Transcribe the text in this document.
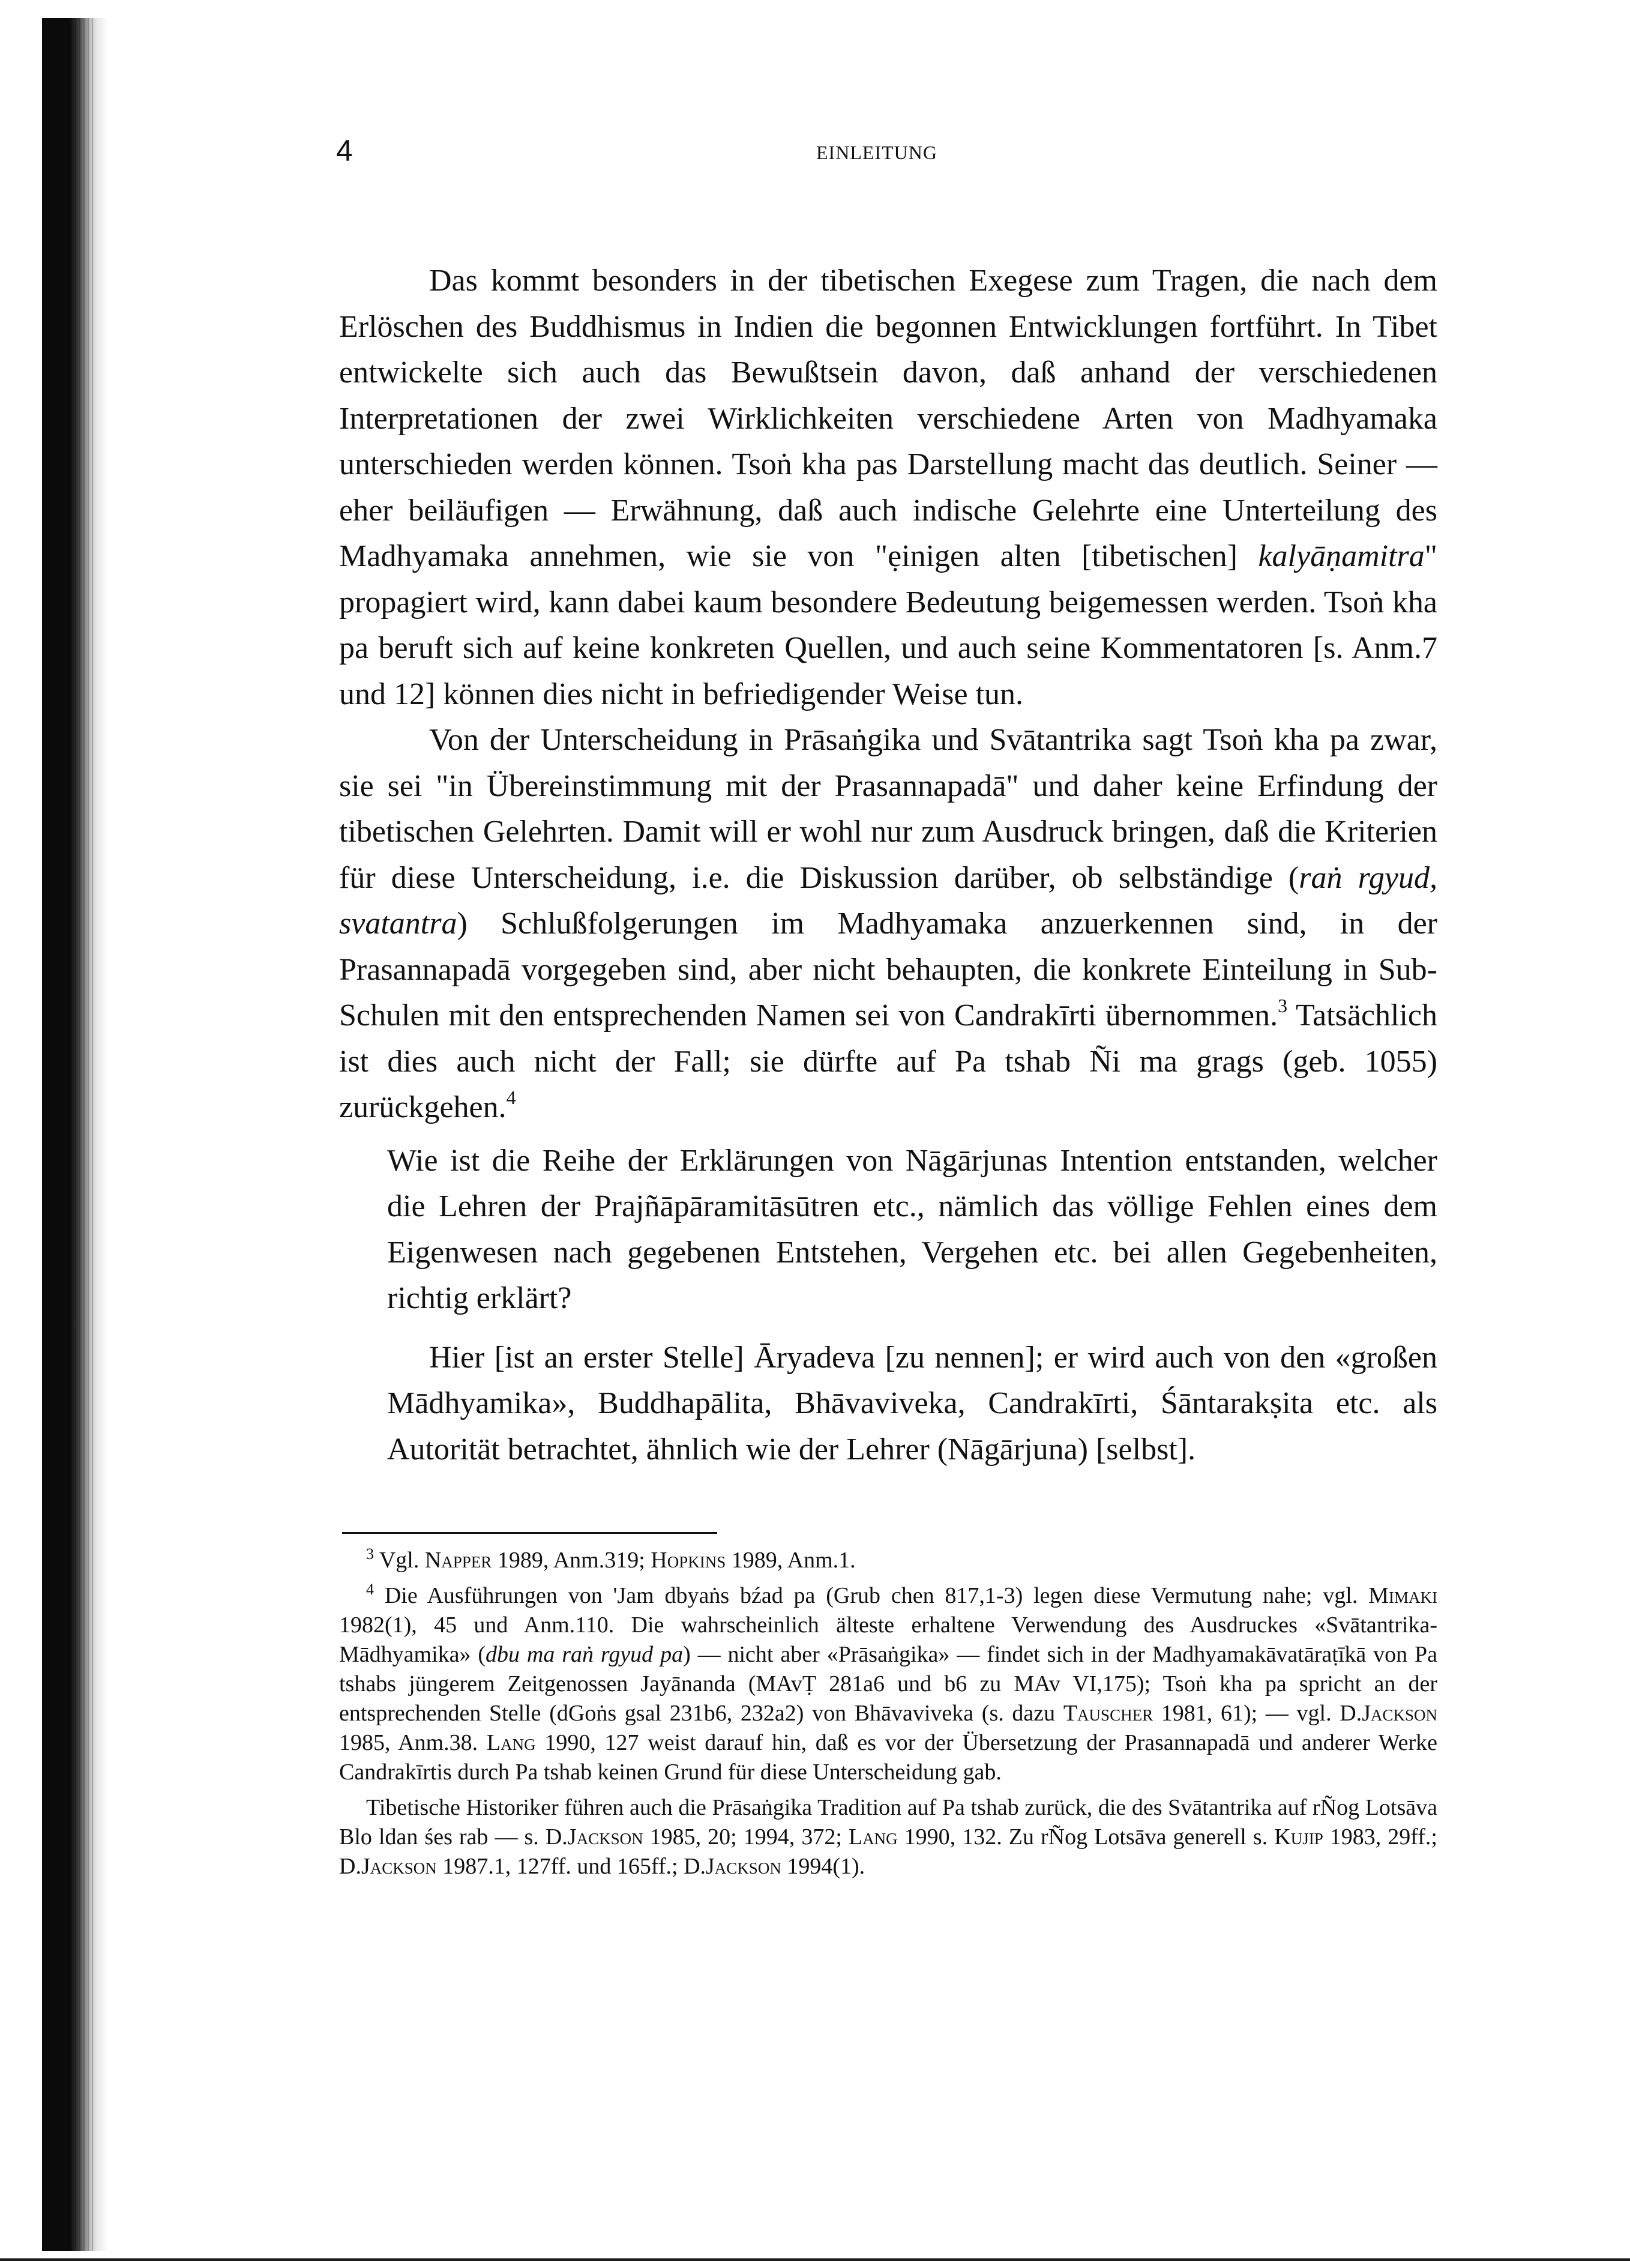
4	EINLEITUNG

Das kommt besonders in der tibetischen Exegese zum Tragen, die nach dem Erlöschen des Buddhismus in Indien die begonnen Entwicklungen fortführt. In Tibet entwickelte sich auch das Bewußtsein davon, daß anhand der verschiedenen Interpretationen der zwei Wirklichkeiten verschiedene Arten von Madhyamaka unterschieden werden können. Tsoṅ kha pas Darstellung macht das deutlich. Seiner — eher beiläufigen — Erwähnung, daß auch indische Gelehrte eine Unterteilung des Madhyamaka annehmen, wie sie von "ẹinigen alten [tibetischen] kalyāṇamitra" propagiert wird, kann dabei kaum besondere Bedeutung beigemessen werden. Tsoṅ kha pa beruft sich auf keine konkreten Quellen, und auch seine Kommentatoren [s. Anm.7 und 12] können dies nicht in befriedigender Weise tun.

Von der Unterscheidung in Prāsaṅgika und Svātantrika sagt Tsoṅ kha pa zwar, sie sei "in Übereinstimmung mit der Prasannapadā" und daher keine Erfindung der tibetischen Gelehrten. Damit will er wohl nur zum Ausdruck bringen, daß die Kriterien für diese Unterscheidung, i.e. die Diskussion darüber, ob selbständige (raṅ rgyud, svatantra) Schlußfolgerungen im Madhyamaka anzuerkennen sind, in der Prasannapadā vorgegeben sind, aber nicht behaupten, die konkrete Einteilung in Sub-Schulen mit den entsprechenden Namen sei von Candrakīrti übernommen.$^3$ Tatsächlich ist dies auch nicht der Fall; sie dürfte auf Pa tshab Ñi ma grags (geb. 1055) zurückgehen.$^4$

Wie ist die Reihe der Erklärungen von Nāgārjunas Intention entstanden, welcher die Lehren der Prajñāpāramitāsūtren etc., nämlich das völlige Fehlen eines dem Eigenwesen nach gegebenen Entstehen, Vergehen etc. bei allen Gegebenheiten, richtig erklärt?

Hier [ist an erster Stelle] Āryadeva [zu nennen]; er wird auch von den «großen Mādhyamika», Buddhapālita, Bhāvaviveka, Candrakīrti, Śāntarakṣita etc. als Autorität betrachtet, ähnlich wie der Lehrer (Nāgārjuna) [selbst].

$^3$ Vgl. Napper 1989, Anm.319; Hopkins 1989, Anm.1.

$^4$ Die Ausführungen von 'Jam dbyaṅs bźad pa (Grub chen 817,1-3) legen diese Vermutung nahe; vgl. Mimaki 1982(1), 45 und Anm.110. Die wahrscheinlich älteste erhaltene Verwendung des Ausdruckes «Svātantrika-Mādhyamika» (dbu ma raṅ rgyud pa) — nicht aber «Prāsaṅgika» — findet sich in der Madhyamakāvatāraṭīkā von Pa tshabs jüngerem Zeitgenossen Jayānanda (MAvṬ 281a6 und b6 zu MAv VI,175); Tsoṅ kha pa spricht an der entsprechenden Stelle (dGoṅs gsal 231b6, 232a2) von Bhāvaviveka (s. dazu Tauscher 1981, 61); — vgl. D.Jackson 1985, Anm.38. Lang 1990, 127 weist darauf hin, daß es vor der Übersetzung der Prasannapadā und anderer Werke Candrakīrtis durch Pa tshab keinen Grund für diese Unterscheidung gab.

Tibetische Historiker führen auch die Prāsaṅgika Tradition auf Pa tshab zurück, die des Svātantrika auf rÑog Lotsāva Blo ldan śes rab — s. D.Jackson 1985, 20; 1994, 372; Lang 1990, 132. Zu rÑog Lotsāva generell s. Kujip 1983, 29ff.; D.Jackson 1987.1, 127ff. und 165ff.; D.Jackson 1994(1).
